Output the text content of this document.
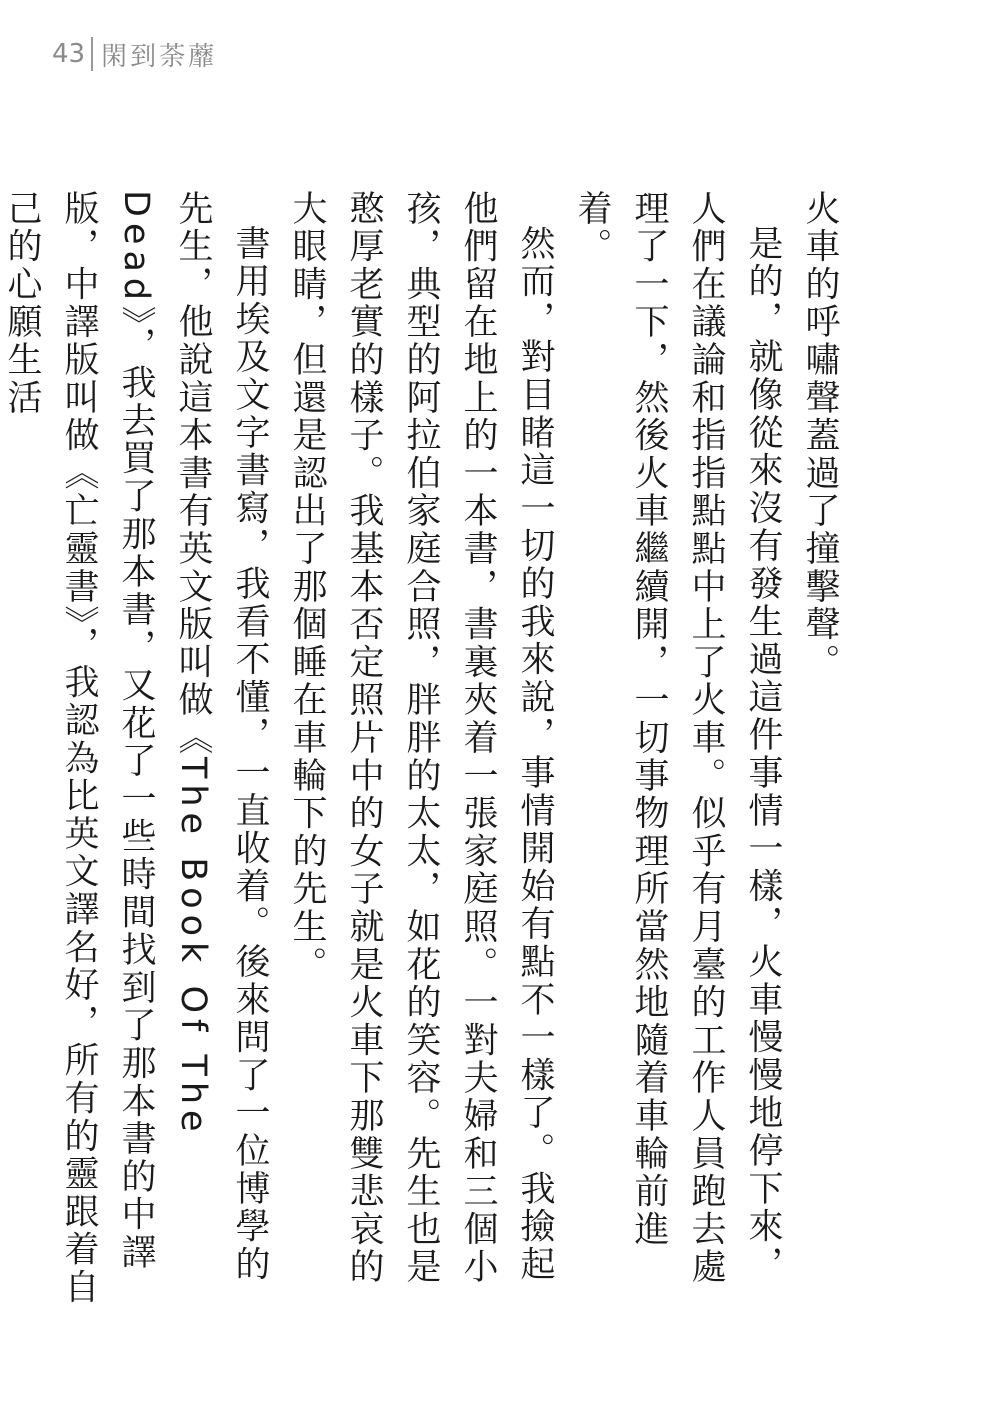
43 閑到荼蘼

火車的呼嘯聲蓋過了撞擊聲。

是的，就像從來沒有發生過這件事情一樣，火車慢慢地停下來，人們在議論和指指點點中上了火車。似乎有月臺的工作人員跑去處理了一下，然後火車繼續開，一切事物理所當然地隨着車輪前進着。

然而，對目睹這一切的我來說，事情開始有點不一樣了。我撿起他們留在地上的一本書，書裏夾着一張家庭照。一對夫婦和三個小孩，典型的阿拉伯家庭合照，胖胖的太太，如花的笑容。先生也是憨厚老實的樣子。我基本否定照片中的女子就是火車下那雙悲哀的大眼睛，但還是認出了那個睡在車輪下的先生。

書用埃及文字書寫，我看不懂，一直收着。後來問了一位博學的先生，他說這本書有英文版叫做《The Book Of The Dead》，我去買了那本書，又花了一些時間找到了那本書的中譯版，中譯版叫做《亡靈書》，我認為比英文譯名好，所有的靈跟着自己的心願生活
